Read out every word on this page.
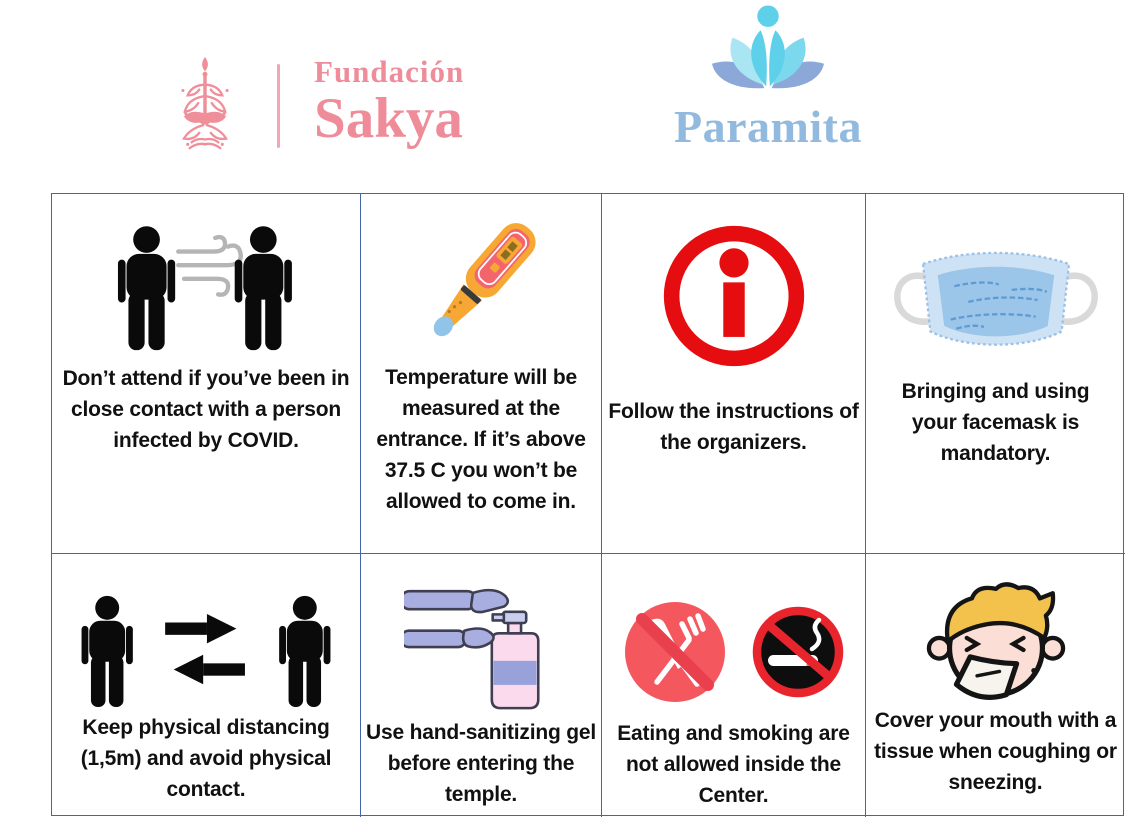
Fundación
Sakya	Paramita
Don’t attend if you’ve been in close contact with a person infected by COVID.
Temperature will be measured at the entrance. If it’s above 37.5 C you won’t be allowed to come in.
Follow the instructions of the organizers.
Bringing and using your facemask is mandatory.
Keep physical distancing (1,5m) and avoid physical contact.
Use hand-sanitizing gel before entering the temple.
Eating and smoking are not allowed inside the Center.
Cover your mouth with a tissue when coughing or sneezing.
